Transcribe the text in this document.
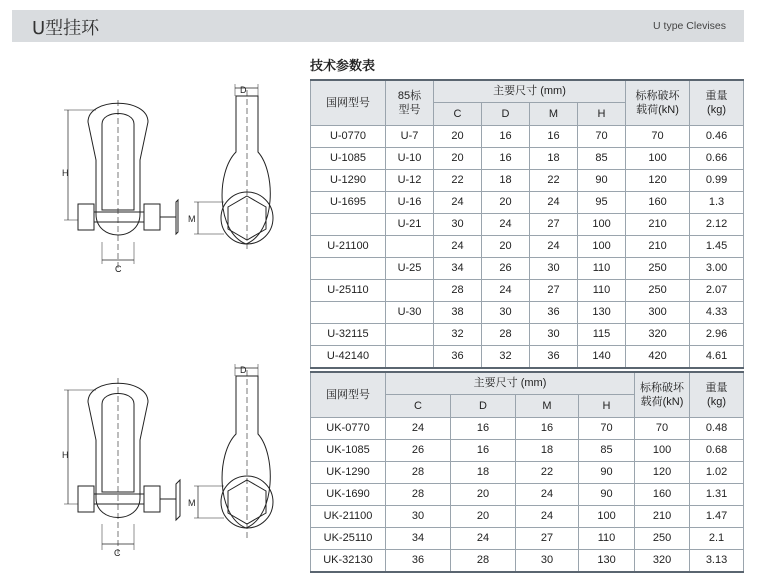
U型挂环	U type Clevises
技术参数表
H
C
D
M
H
C
D
M
国网型号	85标
型号	主要尺寸 (mm)				标称破坏
载荷(kN)	重量
(kg)
		C	D	M	H		
U-0770	U-7	20	16	16	70	70	0.46
U-1085	U-10	20	16	18	85	100	0.66
U-1290	U-12	22	18	22	90	120	0.99
U-1695	U-16	24	20	24	95	160	1.3
	U-21	30	24	27	100	210	2.12
U-21100		24	20	24	100	210	1.45
	U-25	34	26	30	110	250	3.00
U-25110		28	24	27	110	250	2.07
	U-30	38	30	36	130	300	4.33
U-32115		32	28	30	115	320	2.96
U-42140		36	32	36	140	420	4.61
国网型号	主要尺寸 (mm)				标称破坏
载荷(kN)	重量
(kg)
	C	D	M	H		
UK-0770	24	16	16	70	70	0.48
UK-1085	26	16	18	85	100	0.68
UK-1290	28	18	22	90	120	1.02
UK-1690	28	20	24	90	160	1.31
UK-21100	30	20	24	100	210	1.47
UK-25110	34	24	27	110	250	2.1
UK-32130	36	28	30	130	320	3.13
